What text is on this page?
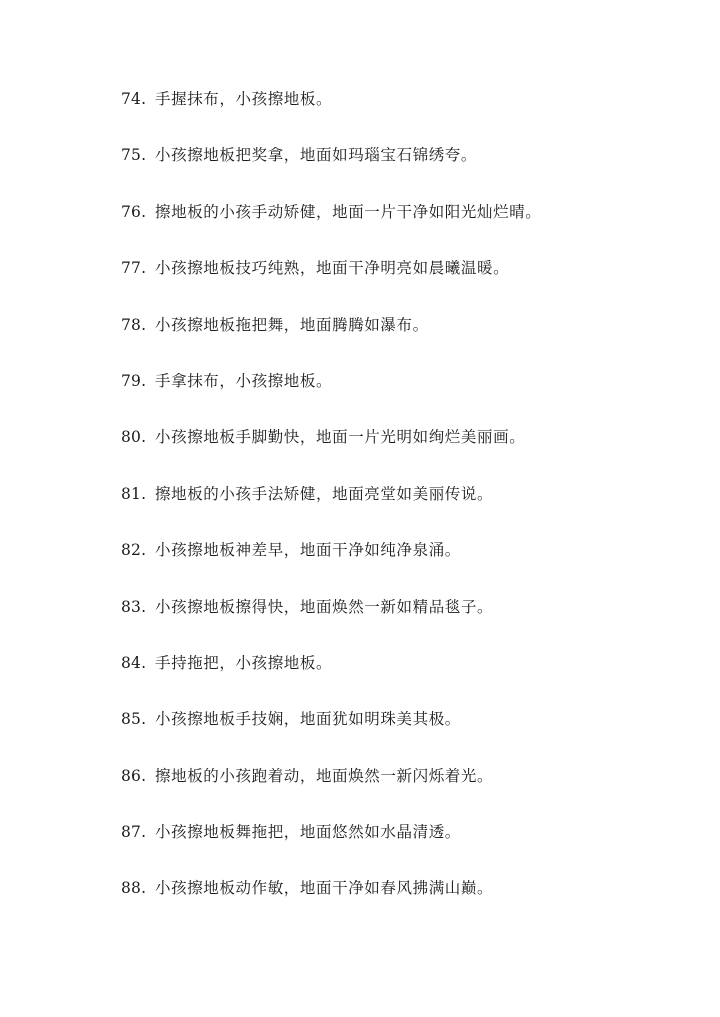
74. 手握抹布，小孩擦地板。
75. 小孩擦地板把奖拿，地面如玛瑙宝石锦绣夸。
76. 擦地板的小孩手动矫健，地面一片干净如阳光灿烂晴。
77. 小孩擦地板技巧纯熟，地面干净明亮如晨曦温暖。
78. 小孩擦地板拖把舞，地面腾腾如瀑布。
79. 手拿抹布，小孩擦地板。
80. 小孩擦地板手脚勤快，地面一片光明如绚烂美丽画。
81. 擦地板的小孩手法矫健，地面亮堂如美丽传说。
82. 小孩擦地板神差早，地面干净如纯净泉涌。
83. 小孩擦地板擦得快，地面焕然一新如精品毯子。
84. 手持拖把，小孩擦地板。
85. 小孩擦地板手技娴，地面犹如明珠美其极。
86. 擦地板的小孩跑着动，地面焕然一新闪烁着光。
87. 小孩擦地板舞拖把，地面悠然如水晶清透。
88. 小孩擦地板动作敏，地面干净如春风拂满山巅。
